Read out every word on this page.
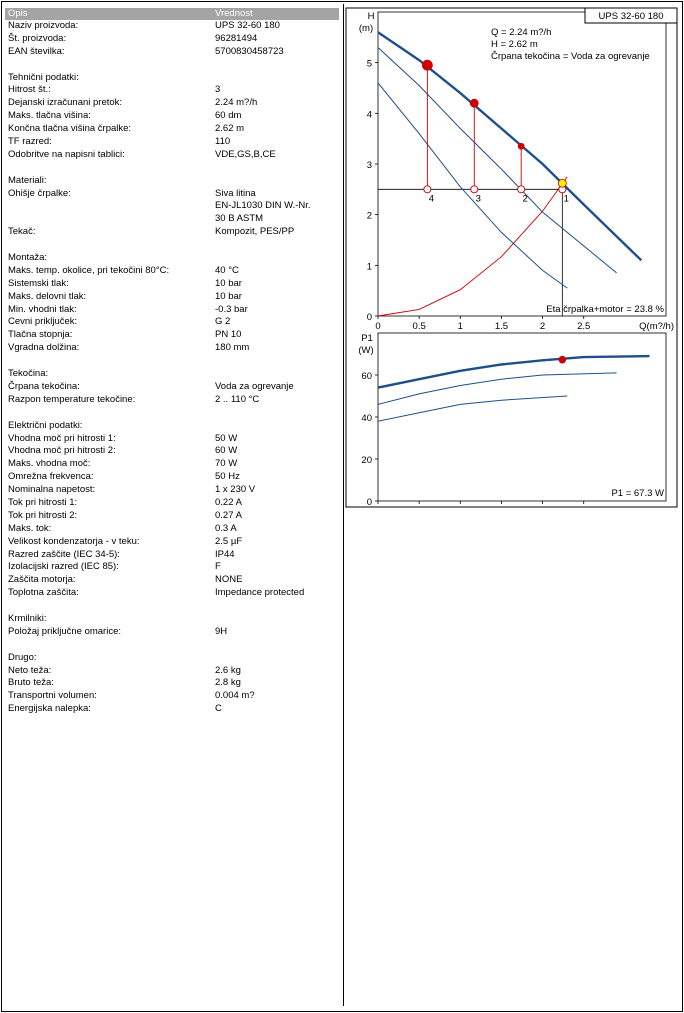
Opis	Vrednost
Naziv proizvoda:	UPS 32-60 180
Št. proizvoda:	96281494
EAN številka:	5700830458723
Tehnični podatki:
Hitrost št.:	3
Dejanski izračunani pretok:	2.24 m?/h
Maks. tlačna višina:	60 dm
Končna tlačna višina črpalke:	2.62 m
TF razred:	110
Odobritve na napisni tablici:	VDE,GS,B,CE
Materiali:
Ohišje črpalke:	Siva litina
EN-JL1030 DIN W.-Nr.
30 B ASTM
Tekač:	Kompozit, PES/PP
Montaža:
Maks. temp. okolice, pri tekočini 80°C:	40 °C
Sistemski tlak:	10 bar
Maks. delovni tlak:	10 bar
Min. vhodni tlak:	-0.3 bar
Cevni priključek:	G 2
Tlačna stopnja:	PN 10
Vgradna dolžina:	180 mm
Tekočina:
Črpana tekočina:	Voda za ogrevanje
Razpon temperature tekočine:	2 .. 110 °C
Električni podatki:
Vhodna moč pri hitrosti 1:	50 W
Vhodna moč pri hitrosti 2:	60 W
Maks. vhodna moč:	70 W
Omrežna frekvenca:	50 Hz
Nominalna napetost:	1 x 230 V
Tok pri hitrosti 1:	0.22 A
Tok pri hitrosti 2:	0.27 A
Maks. tok:	0.3 A
Velikost kondenzatorja - v teku:	2.5 µF
Razred zaščite (IEC 34-5):	IP44
Izolacijski razred (IEC 85):	F
Zaščita motorja:	NONE
Toplotna zaščita:	Impedance protected
Krmilniki:
Položaj priključne omarice:	9H
Drugo:
Neto teža:	2.6 kg
Bruto teža:	2.8 kg
Transportni volumen:	0.004 m?
Energijska nalepka:	C
UPS 32-60 180
H
(m)	Q = 2.24 m?/h
H = 2.62 m
Črpana tekočina = Voda za ogrevanje
0
1
2
3
4
5
0	0.5	1	1.5	2	2.5	Q(m?/h)
4	3	2	1
Eta črpalka+motor = 23.8 %
P1
(W)
0
20
40
60
P1 = 67.3 W
